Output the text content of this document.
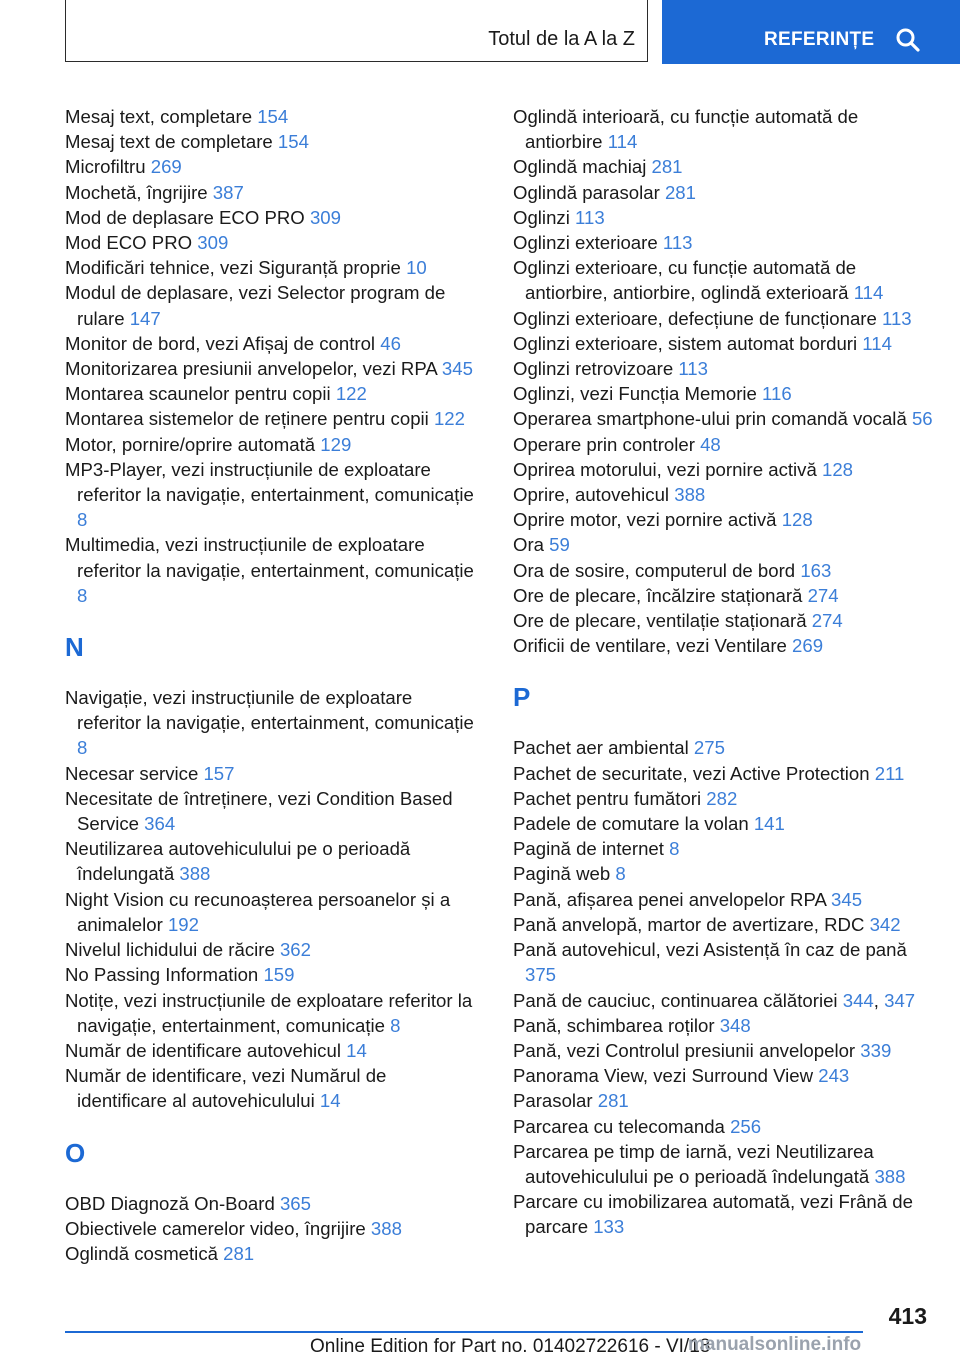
Totul de la A la Z	REFERINȚE
Mesaj text, completare 154
Mesaj text de completare 154
Microfiltru 269
Mochetă, îngrijire 387
Mod de deplasare ECO PRO 309
Mod ECO PRO 309
Modificări tehnice, vezi Siguranță proprie 10
Modul de deplasare, vezi Selector program de rulare 147
Monitor de bord, vezi Afișaj de control 46
Monitorizarea presiunii anvelopelor, vezi RPA 345
Montarea scaunelor pentru copii 122
Montarea sistemelor de reținere pentru copii 122
Motor, pornire/oprire automată 129
MP3-Player, vezi instrucțiunile de exploatare referitor la navigație, entertainment, comunicație 8
Multimedia, vezi instrucțiunile de exploatare referitor la navigație, entertainment, comunicație 8
N
Navigație, vezi instrucțiunile de exploatare referitor la navigație, entertainment, comunicație 8
Necesar service 157
Necesitate de întreținere, vezi Condition Based Service 364
Neutilizarea autovehiculului pe o perioadă îndelungată 388
Night Vision cu recunoașterea persoanelor și a animalelor 192
Nivelul lichidului de răcire 362
No Passing Information 159
Notițe, vezi instrucțiunile de exploatare referitor la navigație, entertainment, comunicație 8
Număr de identificare autovehicul 14
Număr de identificare, vezi Numărul de identificare al autovehiculului 14
O
OBD Diagnoză On-Board 365
Obiectivele camerelor video, îngrijire 388
Oglindă cosmetică 281
Oglindă interioară, cu funcție automată de antiorbire 114
Oglindă machiaj 281
Oglindă parasolar 281
Oglinzi 113
Oglinzi exterioare 113
Oglinzi exterioare, cu funcție automată de antiorbire, antiorbire, oglindă exterioară 114
Oglinzi exterioare, defecțiune de funcționare 113
Oglinzi exterioare, sistem automat borduri 114
Oglinzi retrovizoare 113
Oglinzi, vezi Funcția Memorie 116
Operarea smartphone-ului prin comandă vocală 56
Operare prin controler 48
Oprirea motorului, vezi pornire activă 128
Oprire, autovehicul 388
Oprire motor, vezi pornire activă 128
Ora 59
Ora de sosire, computerul de bord 163
Ore de plecare, încălzire staționară 274
Ore de plecare, ventilație staționară 274
Orificii de ventilare, vezi Ventilare 269
P
Pachet aer ambiental 275
Pachet de securitate, vezi Active Protection 211
Pachet pentru fumători 282
Padele de comutare la volan 141
Pagină de internet 8
Pagină web 8
Pană, afișarea penei anvelopelor RPA 345
Pană anvelopă, martor de avertizare, RDC 342
Pană autovehicul, vezi Asistență în caz de pană 375
Pană de cauciuc, continuarea călătoriei 344, 347
Pană, schimbarea roților 348
Pană, vezi Controlul presiunii anvelopelor 339
Panorama View, vezi Surround View 243
Parasolar 281
Parcarea cu telecomanda 256
Parcarea pe timp de iarnă, vezi Neutilizarea autovehiculului pe o perioadă îndelungată 388
Parcare cu imobilizarea automată, vezi Frână de parcare 133
413
Online Edition for Part no. 01402722616 - VI/18
manualsonline.info
